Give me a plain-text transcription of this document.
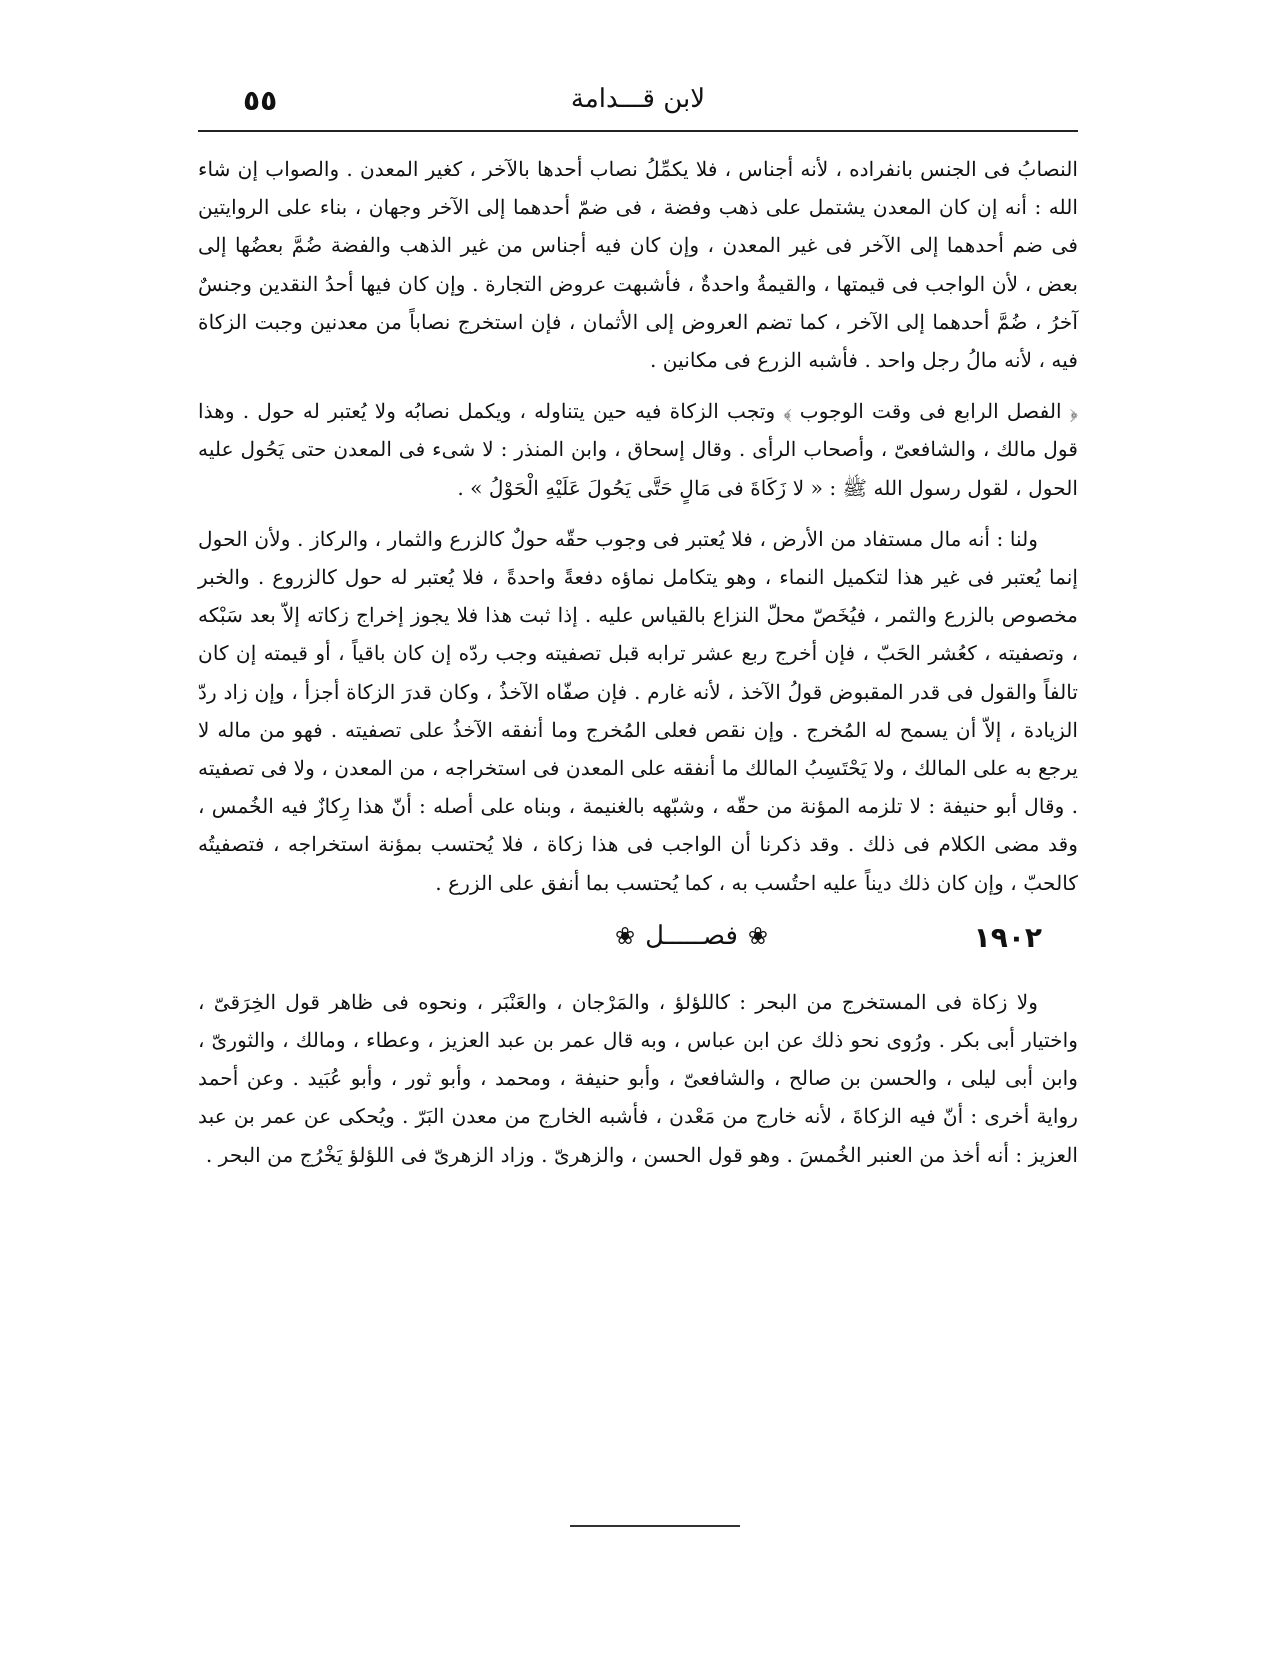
٥٥	لابن قـــدامة

النصابُ فى الجنس بانفراده ، لأنه أجناس ، فلا يكمِّلُ نصاب أحدها بالآخر ، كغير المعدن . والصواب إن شاء الله : أنه إن كان المعدن يشتمل على ذهب وفضة ، فى ضمّ أحدهما إلى الآخر وجهان ، بناء على الروايتين فى ضم أحدهما إلى الآخر فى غير المعدن ، وإن كان فيه أجناس من غير الذهب والفضة ضُمَّ بعضُها إلى بعض ، لأن الواجب فى قيمتها ، والقيمةُ واحدةٌ ، فأشبهت عروض التجارة . وإن كان فيها أحدُ النقدين وجنسٌ آخرُ ، ضُمَّ أحدهما إلى الآخر ، كما تضم العروض إلى الأثمان ، فإن استخرج نصاباً من معدنين وجبت الزكاة فيه ، لأنه مالُ رجل واحد . فأشبه الزرع فى مكانين .

﴿ الفصل الرابع فى وقت الوجوب ﴾ وتجب الزكاة فيه حين يتناوله ، ويكمل نصابُه ولا يُعتبر له حول . وهذا قول مالك ، والشافعىّ ، وأصحاب الرأى . وقال إسحاق ، وابن المنذر : لا شىء فى المعدن حتى يَحُول عليه الحول ، لقول رسول الله ﷺ : « لا زَكَاةَ فى مَالٍ حَتَّى يَحُولَ عَلَيْهِ الْحَوْلُ » .

ولنا : أنه مال مستفاد من الأرض ، فلا يُعتبر فى وجوب حقّه حولٌ كالزرع والثمار ، والركاز . ولأن الحول إنما يُعتبر فى غير هذا لتكميل النماء ، وهو يتكامل نماؤه دفعةً واحدةً ، فلا يُعتبر له حول كالزروع . والخبر مخصوص بالزرع والثمر ، فيُخَصّ محلّ النزاع بالقياس عليه . إذا ثبت هذا فلا يجوز إخراج زكاته إلاّ بعد سَبْكه ، وتصفيته ، كعُشر الحَبّ ، فإن أخرج ربع عشر ترابه قبل تصفيته وجب ردّه إن كان باقياً ، أو قيمته إن كان تالفاً والقول فى قدر المقبوض قولُ الآخذ ، لأنه غارم . فإن صفّاه الآخذُ ، وكان قدرَ الزكاة أجزأ ، وإن زاد ردّ الزيادة ، إلاّ أن يسمح له المُخرج . وإن نقص فعلى المُخرج وما أنفقه الآخذُ على تصفيته . فهو من ماله لا يرجع به على المالك ، ولا يَحْتَسِبُ المالك ما أنفقه على المعدن فى استخراجه ، من المعدن ، ولا فى تصفيته . وقال أبو حنيفة : لا تلزمه المؤنة من حقّه ، وشبّهه بالغنيمة ، وبناه على أصله : أنّ هذا رِكازٌ فيه الخُمس ، وقد مضى الكلام فى ذلك . وقد ذكرنا أن الواجب فى هذا زكاة ، فلا يُحتسب بمؤنة استخراجه ، فتصفيتُه كالحبّ ، وإن كان ذلك ديناً عليه احتُسب به ، كما يُحتسب بما أنفق على الزرع .

١٩٠٢
❀
فصـــــل
❀

ولا زكاة فى المستخرج من البحر : كاللؤلؤ ، والمَرْجان ، والعَنْبَر ، ونحوه فى ظاهر قول الخِرَقىّ ، واختيار أبى بكر . ورُوى نحو ذلك عن ابن عباس ، وبه قال عمر بن عبد العزيز ، وعطاء ، ومالك ، والثورىّ ، وابن أبى ليلى ، والحسن بن صالح ، والشافعىّ ، وأبو حنيفة ، ومحمد ، وأبو ثور ، وأبو عُبَيد . وعن أحمد رواية أخرى : أنّ فيه الزكاةَ ، لأنه خارج من مَعْدن ، فأشبه الخارج من معدن البَرّ . ويُحكى عن عمر بن عبد العزيز : أنه أخذ من العنبر الخُمسَ . وهو قول الحسن ، والزهرىّ . وزاد الزهرىّ فى اللؤلؤ يَخْرُج من البحر .
